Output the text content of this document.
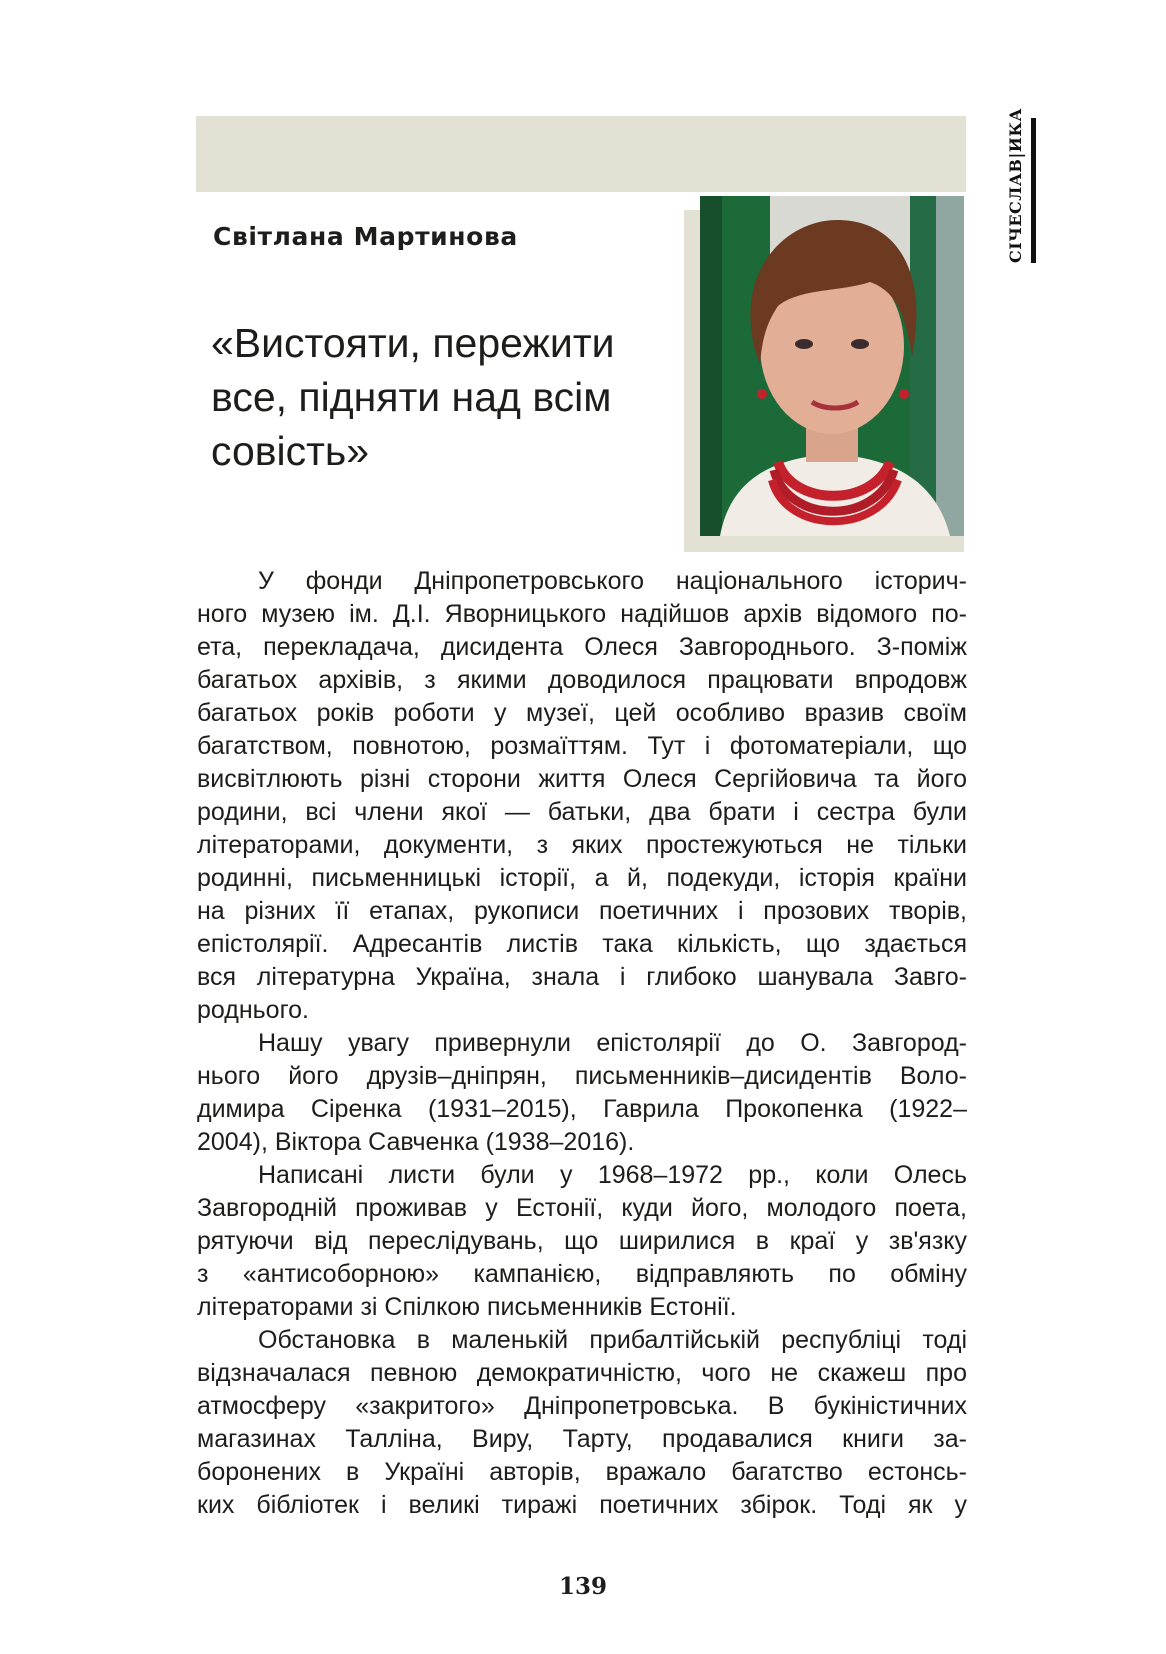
СІЧЕСЛАВ|ИКА
Світлана Мартинова
«Вистояти, пережити
все, підняти над всім
совість»
У фонди Дніпропетровського національного історич-
ного музею ім. Д.І. Яворницького надійшов архів відомого по-
ета, перекладача, дисидента Олеся Завгороднього. З-поміж
багатьох архівів, з якими доводилося працювати впродовж
багатьох років роботи у музеї, цей особливо вразив своїм
багатством, повнотою, розмаїттям. Тут і фотоматеріали, що
висвітлюють різні сторони життя Олеся Сергійовича та його
родини, всі члени якої — батьки, два брати і сестра були
літераторами, документи, з яких простежуються не тільки
родинні, письменницькі історії, а й, подекуди, історія країни
на різних її етапах, рукописи поетичних і прозових творів,
епістолярії. Адресантів листів така кількість, що здається
вся літературна Україна, знала і глибоко шанувала Завго-
роднього.
Нашу увагу привернули епістолярії до О. Завгород-
нього його друзів–дніпрян, письменників–дисидентів Воло-
димира Сіренка (1931–2015), Гаврила Прокопенка (1922–
2004), Віктора Савченка (1938–2016).
Написані листи були у 1968–1972 рр., коли Олесь
Завгородній проживав у Естонії, куди його, молодого поета,
рятуючи від переслідувань, що ширилися в краї у зв'язку
з «антисоборною» кампанією, відправляють по обміну
літераторами зі Спілкою письменників Естонії.
Обстановка в маленькій прибалтійській республіці тоді
відзначалася певною демократичністю, чого не скажеш про
атмосферу «закритого» Дніпропетровська. В букіністичних
магазинах Талліна, Виру, Тарту, продавалися книги за-
боронених в Україні авторів, вражало багатство естонсь-
ких бібліотек і великі тиражі поетичних збірок. Тоді як у
139
